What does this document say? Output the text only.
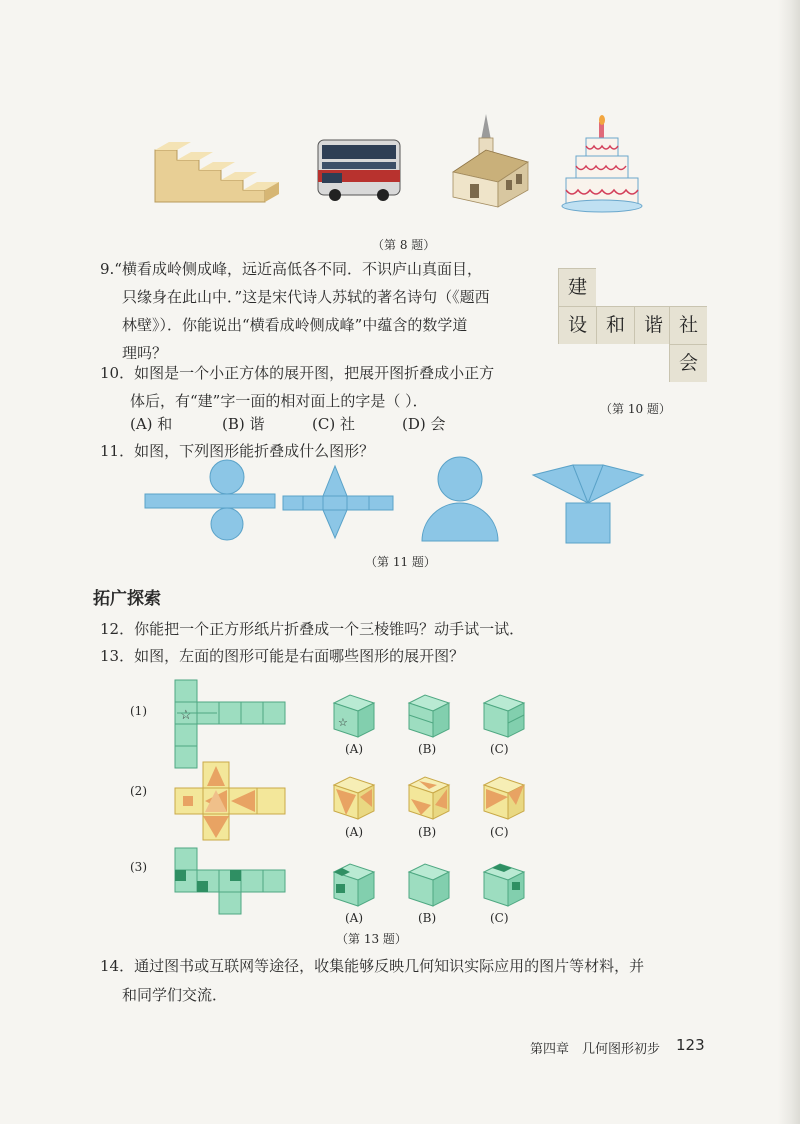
（第 8 题）
9.“横看成岭侧成峰，远近高低各不同．不识庐山真面目，
只缘身在此山中．”这是宋代诗人苏轼的著名诗句（《题西
林壁》）．你能说出“横看成岭侧成峰”中蕴含的数学道
理吗？
建
设 和 谐 社
会
（第 10 题）
10．如图是一个小正方体的展开图，把展开图折叠成小正方
体后，有“建”字一面的相对面上的字是（ ）．
(A) 和	(B) 谐	(C) 社	(D) 会
11．如图，下列图形能折叠成什么图形？
（第 11 题）
拓广探索
12．你能把一个正方形纸片折叠成一个三棱锥吗？动手试一试．
13．如图，左面的图形可能是右面哪些图形的展开图？
(1)
(2)
(3)
☆	☆
(A)	(B)	(C)
(A)	(B)	(C)
(A)	(B)	(C)
（第 13 题）
14．通过图书或互联网等途径，收集能够反映几何知识实际应用的图片等材料，并
和同学们交流．
第四章　几何图形初步 123
